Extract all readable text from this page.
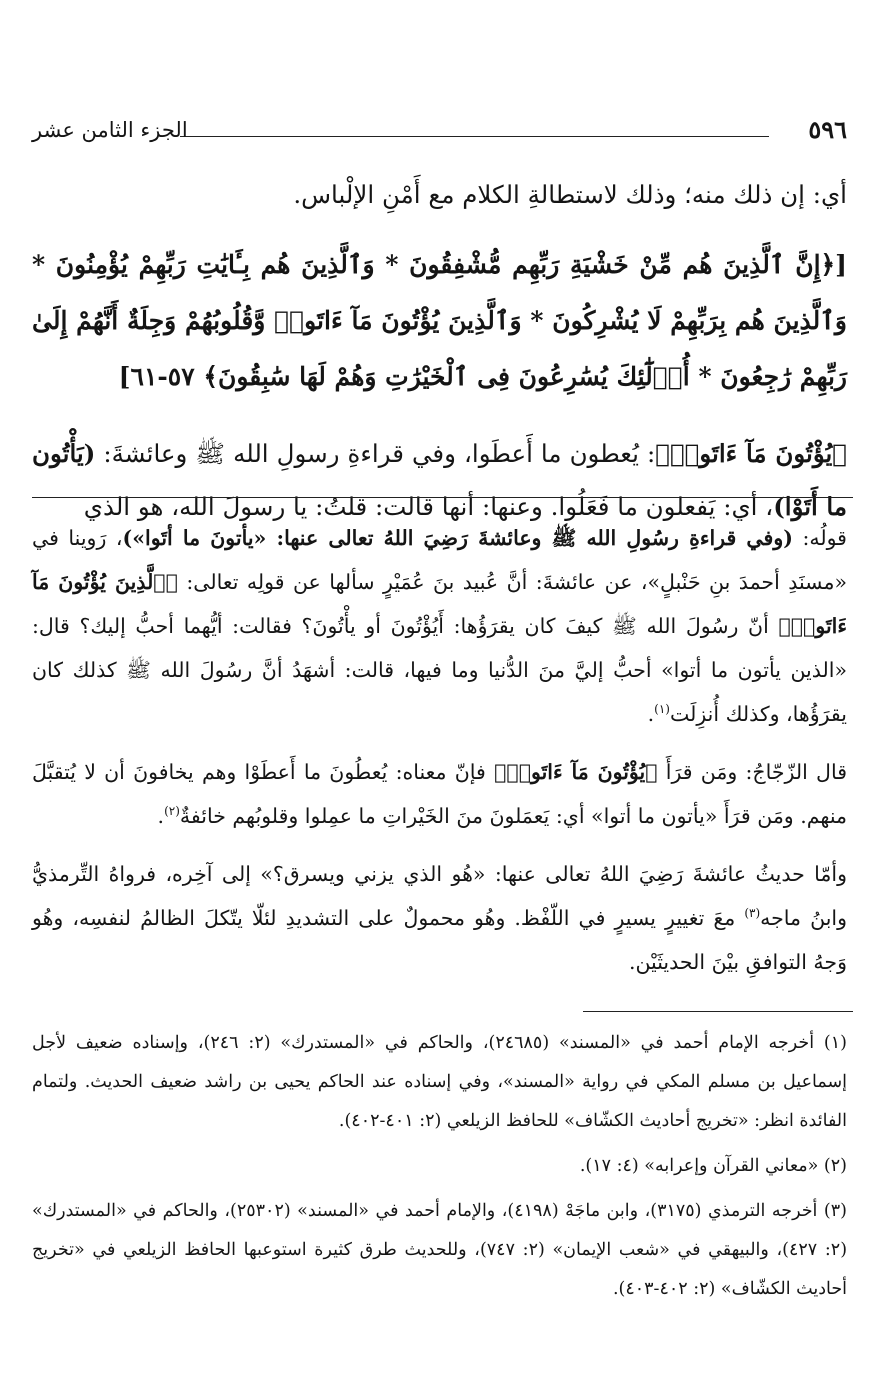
٥٩٦
الجزء الثامن عشر

أي: إن ذلك منه؛ وذلك لاستطالةِ الكلام مع أَمْنِ الإلْباس.

[﴿إِنَّ ٱلَّذِينَ هُم مِّنْ خَشْيَةِ رَبِّهِم مُّشْفِقُونَ * وَٱلَّذِينَ هُم بِـَٔايَٰتِ رَبِّهِمْ يُؤْمِنُونَ * وَٱلَّذِينَ هُم بِرَبِّهِمْ لَا يُشْرِكُونَ * وَٱلَّذِينَ يُؤْتُونَ مَآ ءَاتَوا۟ وَّقُلُوبُهُمْ وَجِلَةٌ أَنَّهُمْ إِلَىٰ رَبِّهِمْ رَٰجِعُونَ * أُو۟لَٰٓئِكَ يُسَٰرِعُونَ فِى ٱلْخَيْرَٰتِ وَهُمْ لَهَا سَٰبِقُونَ﴾ ٥٧-٦١]

﴿يُؤْتُونَ مَآ ءَاتَوا۟﴾: يُعطون ما أَعطَوا، وفي قراءةِ رسولِ الله ﷺ وعائشةَ: (يَأْتُون ما أَتَوْا)، أي: يَفعلون ما فَعَلُوا. وعنها: أنها قالت: قلتُ: يا رسولَ الله، هو الذي

قولُه: (وفي قراءةِ رسُولِ الله ﷺ وعائشةَ رَضِيَ اللهُ تعالى عنها: «يأتونَ ما أتَوا»)، رَوينا في «مسنَدِ أحمدَ بنِ حَنْبلٍ»، عن عائشةَ: أنَّ عُبيد بنَ عُمَيْرٍ سألها عن قولِه تعالى: ﴿ٱلَّذِينَ يُؤْتُونَ مَآ ءَاتَوا۟﴾ أنّ رسُولَ الله ﷺ كيفَ كان يقرَؤُها: أَيُؤْتُونَ أو يأْتُونَ؟ فقالت: أيُّهما أحبُّ إليك؟ قال: «الذين يأتون ما أتوا» أحبُّ إليَّ منَ الدُّنيا وما فيها، قالت: أشهَدُ أنَّ رسُولَ الله ﷺ كذلك كان يقرَؤُها، وكذلك أُنزِلَت$^{(١)}$.

قال الزّجّاجُ: ومَن قرَأَ ﴿يُؤْتُونَ مَآ ءَاتَوا۟﴾ فإنّ معناه: يُعطُونَ ما أَعطَوْا وهم يخافونَ أن لا يُتقبَّلَ منهم. ومَن قرَأَ «يأتون ما أتوا» أي: يَعمَلونَ منَ الخَيْراتِ ما عمِلوا وقلوبُهم خائفةٌ$^{(٢)}$.

وأمّا حديثُ عائشةَ رَضِيَ اللهُ تعالى عنها: «هُو الذي يزني ويسرق؟» إلى آخِره، فرواهُ التِّرمذيُّ وابنُ ماجه$^{(٣)}$ معَ تغييرٍ يسيرٍ في اللّفْظ. وهُو محمولٌ على التشديدِ لئلّا يتّكلَ الظالمُ لنفسِه، وهُو وَجهُ التوافقِ بيْنَ الحديثَيْن.

(١) أخرجه الإمام أحمد في «المسند» (٢٤٦٨٥)، والحاكم في «المستدرك» (٢: ٢٤٦)، وإسناده ضعيف لأجل إسماعيل بن مسلم المكي في رواية «المسند»، وفي إسناده عند الحاكم يحيى بن راشد ضعيف الحديث. ولتمام الفائدة انظر: «تخريج أحاديث الكشّاف» للحافظ الزيلعي (٢: ٤٠١-٤٠٢).

(٢) «معاني القرآن وإعرابه» (٤: ١٧).

(٣) أخرجه الترمذي (٣١٧٥)، وابن ماجَهْ (٤١٩٨)، والإمام أحمد في «المسند» (٢٥٣٠٢)، والحاكم في «المستدرك» (٢: ٤٢٧)، والبيهقي في «شعب الإيمان» (٢: ٧٤٧)، وللحديث طرق كثيرة استوعبها الحافظ الزيلعي في «تخريج أحاديث الكشّاف» (٢: ٤٠٢-٤٠٣).
